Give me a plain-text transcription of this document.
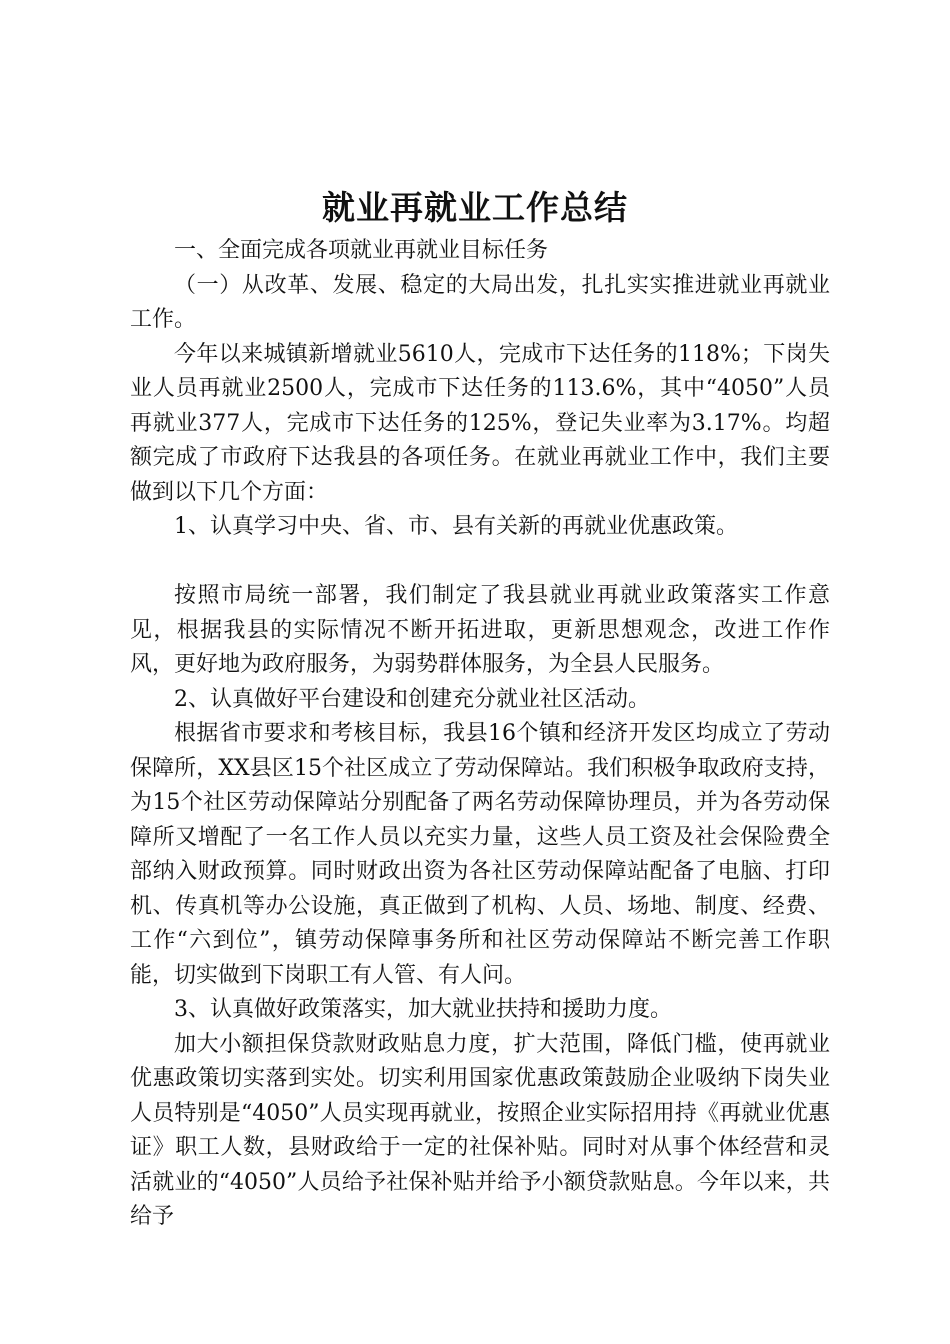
就业再就业工作总结

一、全面完成各项就业再就业目标任务

（一）从改革、发展、稳定的大局出发，扎扎实实推进就业再就业工作。

今年以来城镇新增就业5610人，完成市下达任务的118%；下岗失业人员再就业2500人，完成市下达任务的113.6%，其中“4050”人员再就业377人，完成市下达任务的125%，登记失业率为3.17%。均超额完成了市政府下达我县的各项任务。在就业再就业工作中，我们主要做到以下几个方面：

1、认真学习中央、省、市、县有关新的再就业优惠政策。

按照市局统一部署，我们制定了我县就业再就业政策落实工作意见，根据我县的实际情况不断开拓进取，更新思想观念，改进工作作风，更好地为政府服务，为弱势群体服务，为全县人民服务。

2、认真做好平台建设和创建充分就业社区活动。

根据省市要求和考核目标，我县16个镇和经济开发区均成立了劳动保障所，XX县区15个社区成立了劳动保障站。我们积极争取政府支持，为15个社区劳动保障站分别配备了两名劳动保障协理员，并为各劳动保障所又增配了一名工作人员以充实力量，这些人员工资及社会保险费全部纳入财政预算。同时财政出资为各社区劳动保障站配备了电脑、打印机、传真机等办公设施，真正做到了机构、人员、场地、制度、经费、工作“六到位”，镇劳动保障事务所和社区劳动保障站不断完善工作职能，切实做到下岗职工有人管、有人问。

3、认真做好政策落实，加大就业扶持和援助力度。

加大小额担保贷款财政贴息力度，扩大范围，降低门槛，使再就业优惠政策切实落到实处。切实利用国家优惠政策鼓励企业吸纳下岗失业人员特别是“4050”人员实现再就业，按照企业实际招用持《再就业优惠证》职工人数，县财政给于一定的社保补贴。同时对从事个体经营和灵活就业的“4050”人员给予社保补贴并给予小额贷款贴息。今年以来，共给予
